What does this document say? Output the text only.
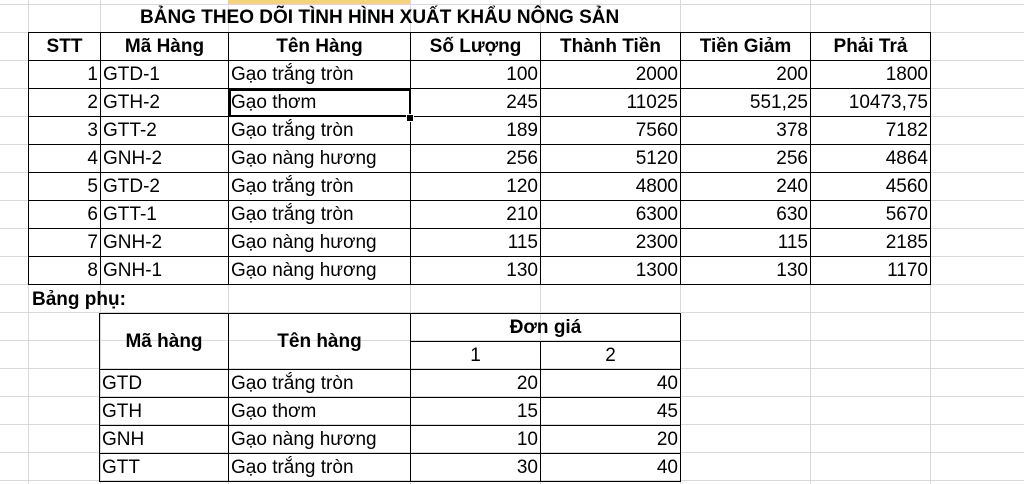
BẢNG THEO DÕI TÌNH HÌNH XUẤT KHẨU NÔNG SẢN
STT	Mã Hàng	Tên Hàng	Số Lượng	Thành Tiền	Tiền Giảm	Phải Trả
1	GTD-1	Gạo trắng tròn	100	2000	200	1800
2	GTH-2	Gạo thơm	245	11025	551,25	10473,75
3	GTT-2	Gạo trắng tròn	189	7560	378	7182
4	GNH-2	Gạo nàng hương	256	5120	256	4864
5	GTD-2	Gạo trắng tròn	120	4800	240	4560
6	GTT-1	Gạo trắng tròn	210	6300	630	5670
7	GNH-2	Gạo nàng hương	115	2300	115	2185
8	GNH-1	Gạo nàng hương	130	1300	130	1170
Bảng phụ:
Mã hàng	Tên hàng	Đơn giá	
		1	2
GTD	Gạo trắng tròn	20	40
GTH	Gạo thơm	15	45
GNH	Gạo nàng hương	10	20
GTT	Gạo trắng tròn	30	40
